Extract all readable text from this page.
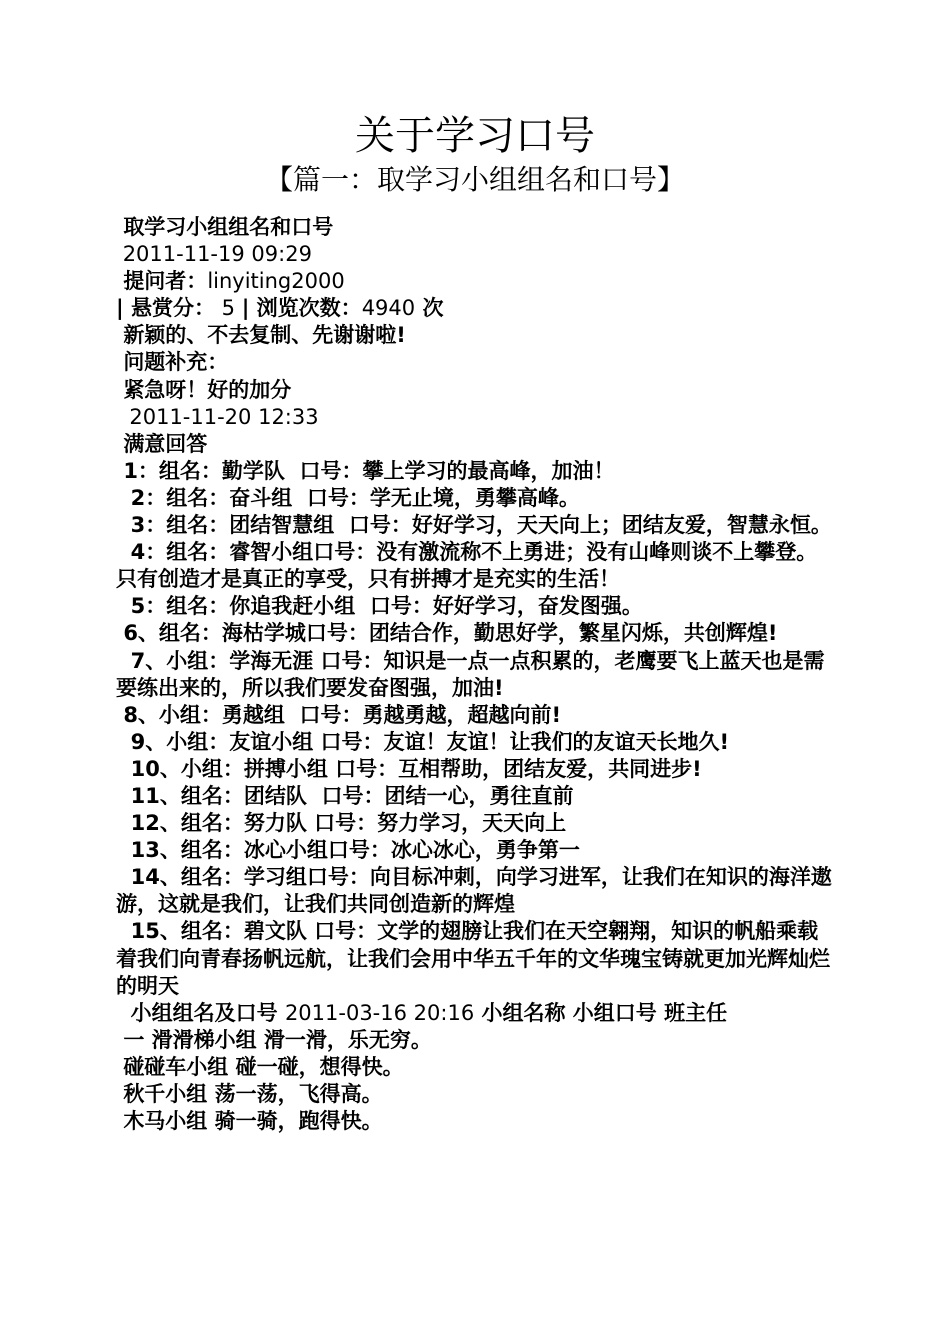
关于学习口号
【篇一：取学习小组组名和口号】
取学习小组组名和口号
2011-11-19 09:29
提问者：linyiting2000
| 悬赏分： 5 | 浏览次数：4940 次
新颖的、不去复制、先谢谢啦!
问题补充：
紧急呀！好的加分
2011-11-20 12:33
满意回答
1：组名：勤学队  口号：攀上学习的最高峰，加油！
2：组名：奋斗组  口号：学无止境，勇攀高峰。
3：组名：团结智慧组  口号：好好学习，天天向上；团结友爱，智慧永恒。
4：组名：睿智小组口号：没有激流称不上勇进；没有山峰则谈不上攀登。只有创造才是真正的享受，只有拼搏才是充实的生活！
5：组名：你追我赶小组  口号：好好学习，奋发图强。
6、组名：海枯学城口号：团结合作，勤思好学，繁星闪烁，共创辉煌!
7、小组：学海无涯 口号：知识是一点一点积累的，老鹰要飞上蓝天也是需要练出来的，所以我们要发奋图强，加油!
8、小组：勇越组  口号：勇越勇越，超越向前!
9、小组：友谊小组 口号：友谊！友谊！让我们的友谊天长地久!
10、小组：拼搏小组 口号：互相帮助，团结友爱，共同进步!
11、组名：团结队  口号：团结一心，勇往直前
12、组名：努力队 口号：努力学习，天天向上
13、组名：冰心小组口号：冰心冰心，勇争第一
14、组名：学习组口号：向目标冲刺，向学习进军，让我们在知识的海洋遨游，这就是我们，让我们共同创造新的辉煌
15、组名：碧文队 口号：文学的翅膀让我们在天空翱翔，知识的帆船乘载着我们向青春扬帆远航，让我们会用中华五千年的文华瑰宝铸就更加光辉灿烂的明天
小组组名及口号 2011-03-16 20:16 小组名称 小组口号 班主任
一 滑滑梯小组 滑一滑，乐无穷。
碰碰车小组 碰一碰，想得快。
秋千小组 荡一荡，飞得高。
木马小组 骑一骑，跑得快。
